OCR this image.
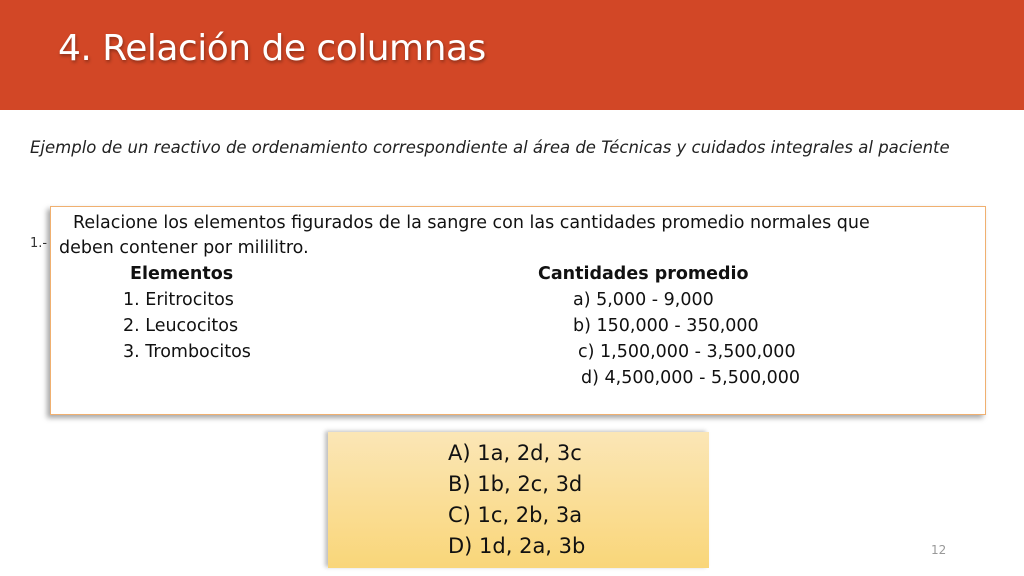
4. Relación de columnas
Ejemplo de un reactivo de ordenamiento correspondiente al área de Técnicas y cuidados integrales al paciente
1.-
Relacione los elementos figurados de la sangre con las cantidades promedio normales que
deben contener por mililitro.
Elementos	Cantidades promedio
1. Eritrocitos
2. Leucocitos
3. Trombocitos
a) 5,000 - 9,000
b) 150,000 - 350,000
c) 1,500,000 - 3,500,000
d) 4,500,000 - 5,500,000
A) 1a, 2d, 3c
B) 1b, 2c, 3d
C) 1c, 2b, 3a
D) 1d, 2a, 3b	12
